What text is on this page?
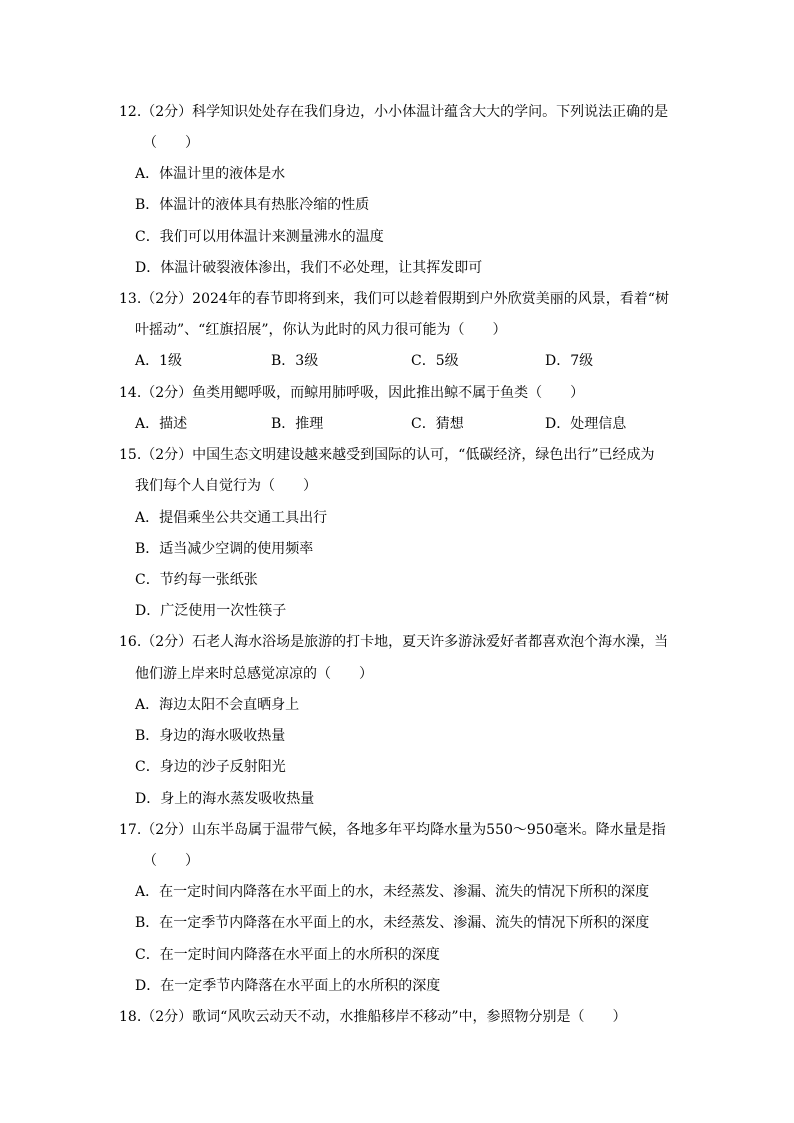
12.（2分）科学知识处处存在我们身边，小小体温计蕴含大大的学问。下列说法正确的是
（　　）
A．体温计里的液体是水
B．体温计的液体具有热胀冷缩的性质
C．我们可以用体温计来测量沸水的温度
D．体温计破裂液体渗出，我们不必处理，让其挥发即可
13.（2分）2024年的春节即将到来，我们可以趁着假期到户外欣赏美丽的风景，看着“树
叶摇动”、“红旗招展”，你认为此时的风力很可能为（　　）
A．1级	B．3级	C．5级	D．7级
14.（2分）鱼类用鳃呼吸，而鲸用肺呼吸，因此推出鲸不属于鱼类（　　）
A．描述	B．推理	C．猜想	D．处理信息
15.（2分）中国生态文明建设越来越受到国际的认可，“低碳经济，绿色出行”已经成为
我们每个人自觉行为（　　）
A．提倡乘坐公共交通工具出行
B．适当减少空调的使用频率
C．节约每一张纸张
D．广泛使用一次性筷子
16.（2分）石老人海水浴场是旅游的打卡地，夏天许多游泳爱好者都喜欢泡个海水澡，当
他们游上岸来时总感觉凉凉的（　　）
A．海边太阳不会直晒身上
B．身边的海水吸收热量
C．身边的沙子反射阳光
D．身上的海水蒸发吸收热量
17.（2分）山东半岛属于温带气候，各地多年平均降水量为550～950毫米。降水量是指
（　　）
A．在一定时间内降落在水平面上的水，未经蒸发、渗漏、流失的情况下所积的深度
B．在一定季节内降落在水平面上的水，未经蒸发、渗漏、流失的情况下所积的深度
C．在一定时间内降落在水平面上的水所积的深度
D．在一定季节内降落在水平面上的水所积的深度
18.（2分）歌词“风吹云动天不动，水推船移岸不移动”中，参照物分别是（　　）
